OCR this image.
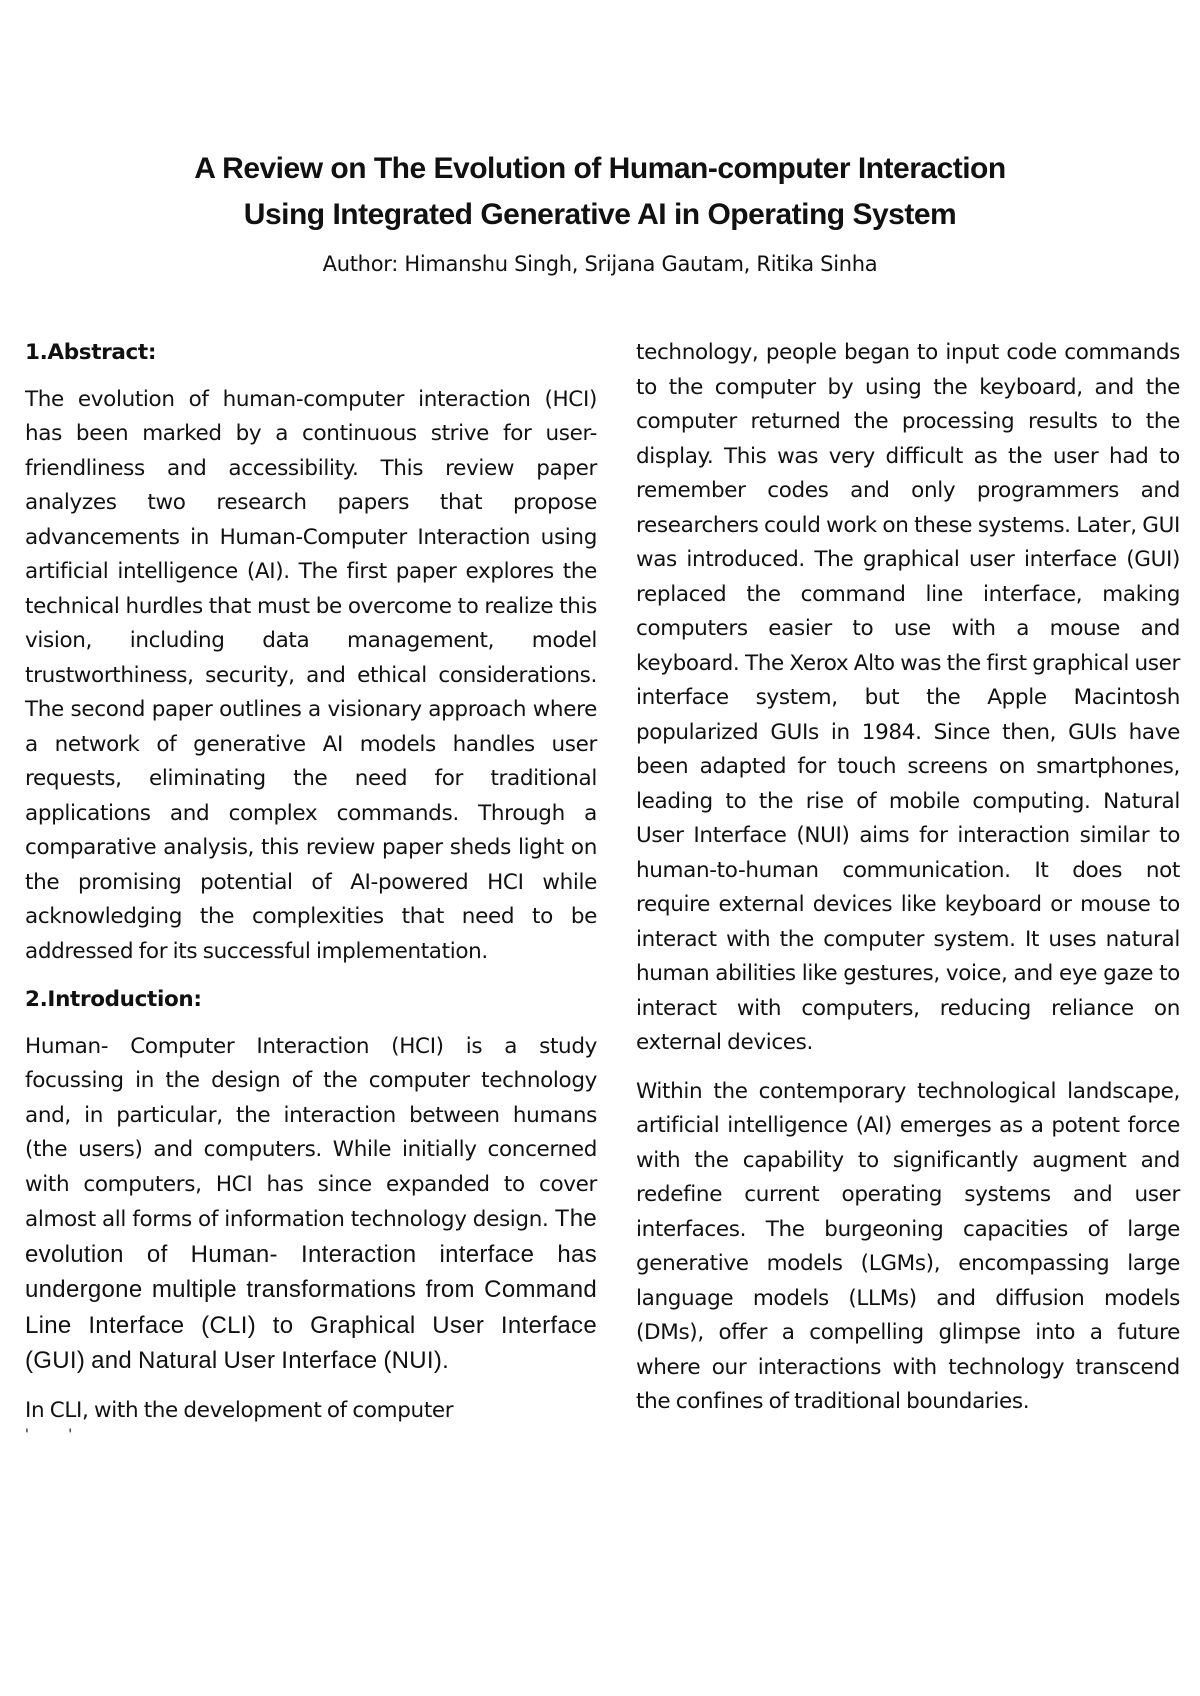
A Review on The Evolution of Human-computer Interaction
Using Integrated Generative AI in Operating System
Author: Himanshu Singh, Srijana Gautam, Ritika Sinha
1.Abstract:

The evolution of human-computer interaction (HCI) has been marked by a continuous strive for user-friendliness and accessibility. This review paper analyzes two research papers that propose advancements in Human-Computer Interaction using artificial intelligence (AI). The first paper explores the technical hurdles that must be overcome to realize this vision, including data management, model trustworthiness, security, and ethical considerations. The second paper outlines a visionary approach where a network of generative AI models handles user requests, eliminating the need for traditional applications and complex commands. Through a comparative analysis, this review paper sheds light on the promising potential of AI-powered HCI while acknowledging the complexities that need to be addressed for its successful implementation.

2.Introduction:

Human- Computer Interaction (HCI) is a study focussing in the design of the computer technology and, in particular, the interaction between humans (the users) and computers. While initially concerned with computers, HCI has since expanded to cover almost all forms of information technology design. The evolution of Human- Interaction interface has undergone multiple transformations from Command Line Interface (CLI) to Graphical User Interface (GUI) and Natural User Interface (NUI).

In CLI, with the development of computer
' '

technology, people began to input code commands to the computer by using the keyboard, and the computer returned the processing results to the display. This was very difficult as the user had to remember codes and only programmers and researchers could work on these systems. Later, GUI was introduced. The graphical user interface (GUI) replaced the command line interface, making computers easier to use with a mouse and keyboard. The Xerox Alto was the first graphical user interface system, but the Apple Macintosh popularized GUIs in 1984. Since then, GUIs have been adapted for touch screens on smartphones, leading to the rise of mobile computing. Natural User Interface (NUI) aims for interaction similar to human-to-human communication. It does not require external devices like keyboard or mouse to interact with the computer system. It uses natural human abilities like gestures, voice, and eye gaze to interact with computers, reducing reliance on external devices.

Within the contemporary technological landscape, artificial intelligence (AI) emerges as a potent force with the capability to significantly augment and redefine current operating systems and user interfaces. The burgeoning capacities of large generative models (LGMs), encompassing large language models (LLMs) and diffusion models (DMs), offer a compelling glimpse into a future where our interactions with technology transcend the confines of traditional boundaries.
